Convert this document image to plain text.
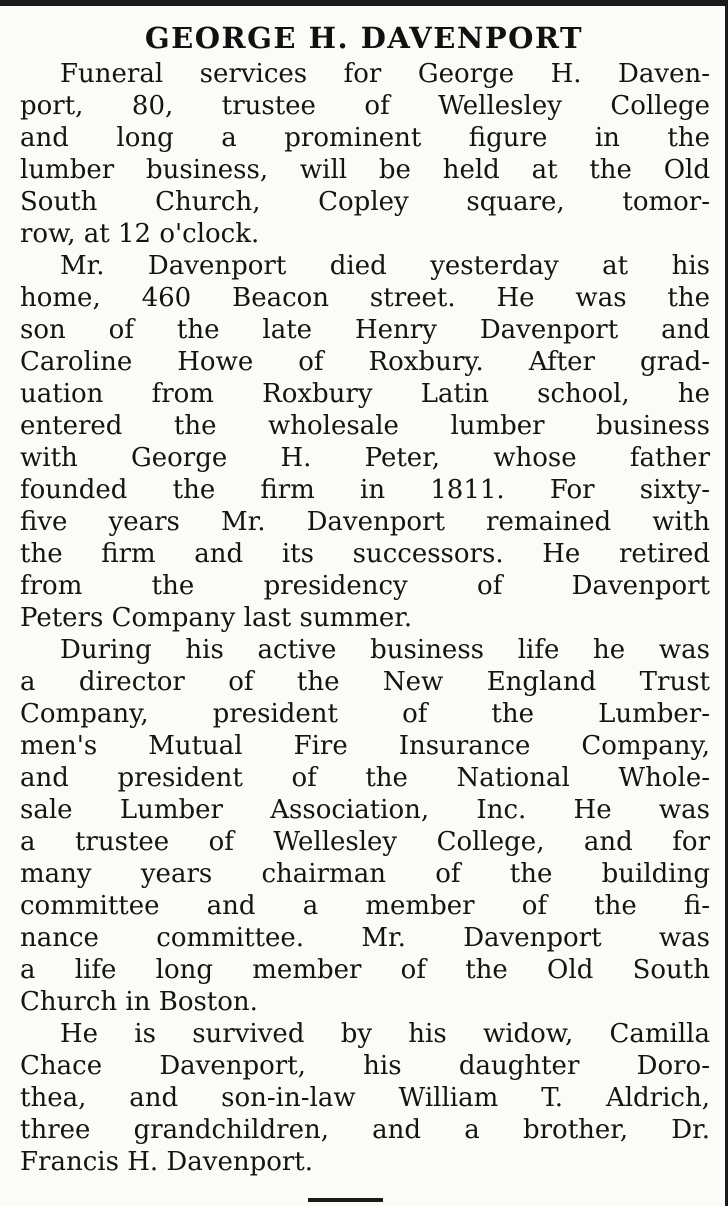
GEORGE H. DAVENPORT
Funeral services for George H. Daven-
port, 80, trustee of Wellesley College
and long a prominent figure in the
lumber business, will be held at the Old
South Church, Copley square, tomor-
row, at 12 o'clock.
Mr. Davenport died yesterday at his
home, 460 Beacon street. He was the
son of the late Henry Davenport and
Caroline Howe of Roxbury. After grad-
uation from Roxbury Latin school, he
entered the wholesale lumber business
with George H. Peter, whose father
founded the firm in 1811. For sixty-
five years Mr. Davenport remained with
the firm and its successors. He retired
from the presidency of Davenport
Peters Company last summer.
During his active business life he was
a director of the New England Trust
Company, president of the Lumber-
men's Mutual Fire Insurance Company,
and president of the National Whole-
sale Lumber Association, Inc. He was
a trustee of Wellesley College, and for
many years chairman of the building
committee and a member of the fi-
nance committee. Mr. Davenport was
a life long member of the Old South
Church in Boston.
He is survived by his widow, Camilla
Chace Davenport, his daughter Doro-
thea, and son-in-law William T. Aldrich,
three grandchildren, and a brother, Dr.
Francis H. Davenport.
